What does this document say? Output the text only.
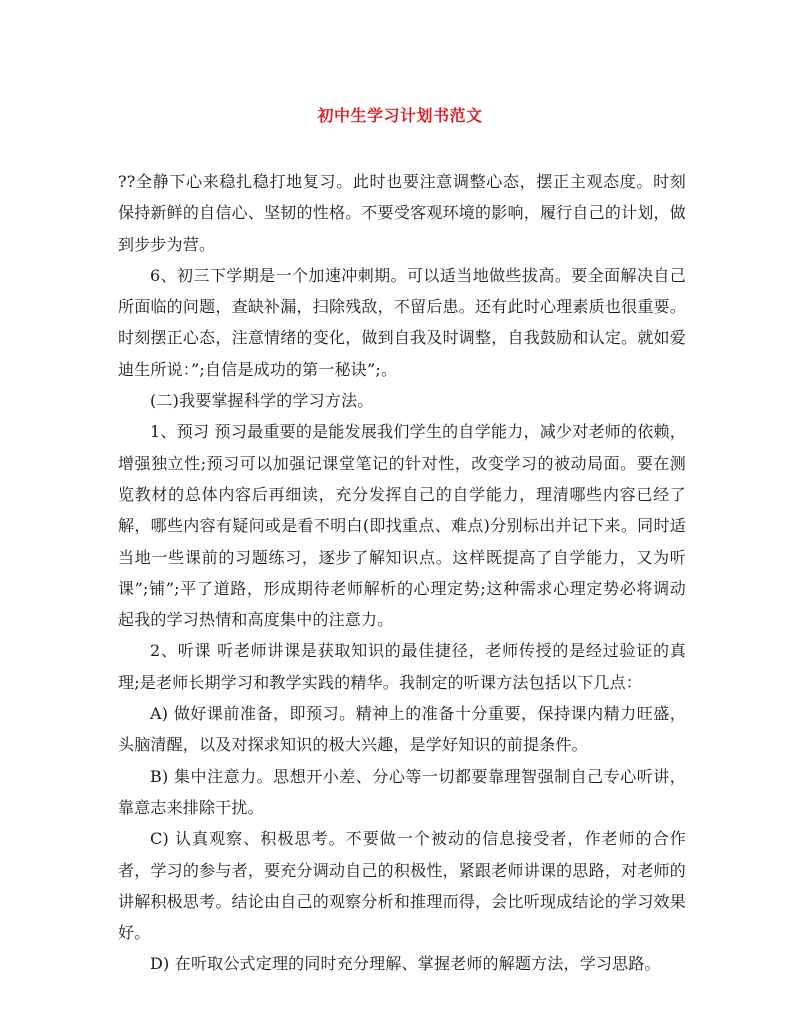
初中生学习计划书范文

??全静下心来稳扎稳打地复习。此时也要注意调整心态，摆正主观态度。时刻保持新鲜的自信心、坚韧的性格。不要受客观环境的影响，履行自己的计划，做到步步为营。

6、初三下学期是一个加速冲刺期。可以适当地做些拔高。要全面解决自己所面临的问题，查缺补漏，扫除残敌，不留后患。还有此时心理素质也很重要。时刻摆正心态，注意情绪的变化，做到自我及时调整，自我鼓励和认定。就如爱迪生所说：”;自信是成功的第一秘诀”;。

(二)我要掌握科学的学习方法。

1、预习 预习最重要的是能发展我们学生的自学能力，减少对老师的依赖，增强独立性;预习可以加强记课堂笔记的针对性，改变学习的被动局面。要在测览教材的总体内容后再细读，充分发挥自己的自学能力，理清哪些内容已经了解，哪些内容有疑问或是看不明白(即找重点、难点)分别标出并记下来。同时适当地一些课前的习题练习，逐步了解知识点。这样既提高了自学能力，又为听课”;铺”;平了道路，形成期待老师解析的心理定势;这种需求心理定势必将调动起我的学习热情和高度集中的注意力。

2、听课 听老师讲课是获取知识的最佳捷径，老师传授的是经过验证的真理;是老师长期学习和教学实践的精华。我制定的听课方法包括以下几点：

A) 做好课前准备，即预习。精神上的准备十分重要，保持课内精力旺盛，头脑清醒，以及对探求知识的极大兴趣，是学好知识的前提条件。

B) 集中注意力。思想开小差、分心等一切都要靠理智强制自己专心听讲，靠意志来排除干扰。

C) 认真观察、积极思考。不要做一个被动的信息接受者，作老师的合作者，学习的参与者，要充分调动自己的积极性，紧跟老师讲课的思路，对老师的讲解积极思考。结论由自己的观察分析和推理而得，会比听现成结论的学习效果好。

D) 在听取公式定理的同时充分理解、掌握老师的解题方法，学习思路。
